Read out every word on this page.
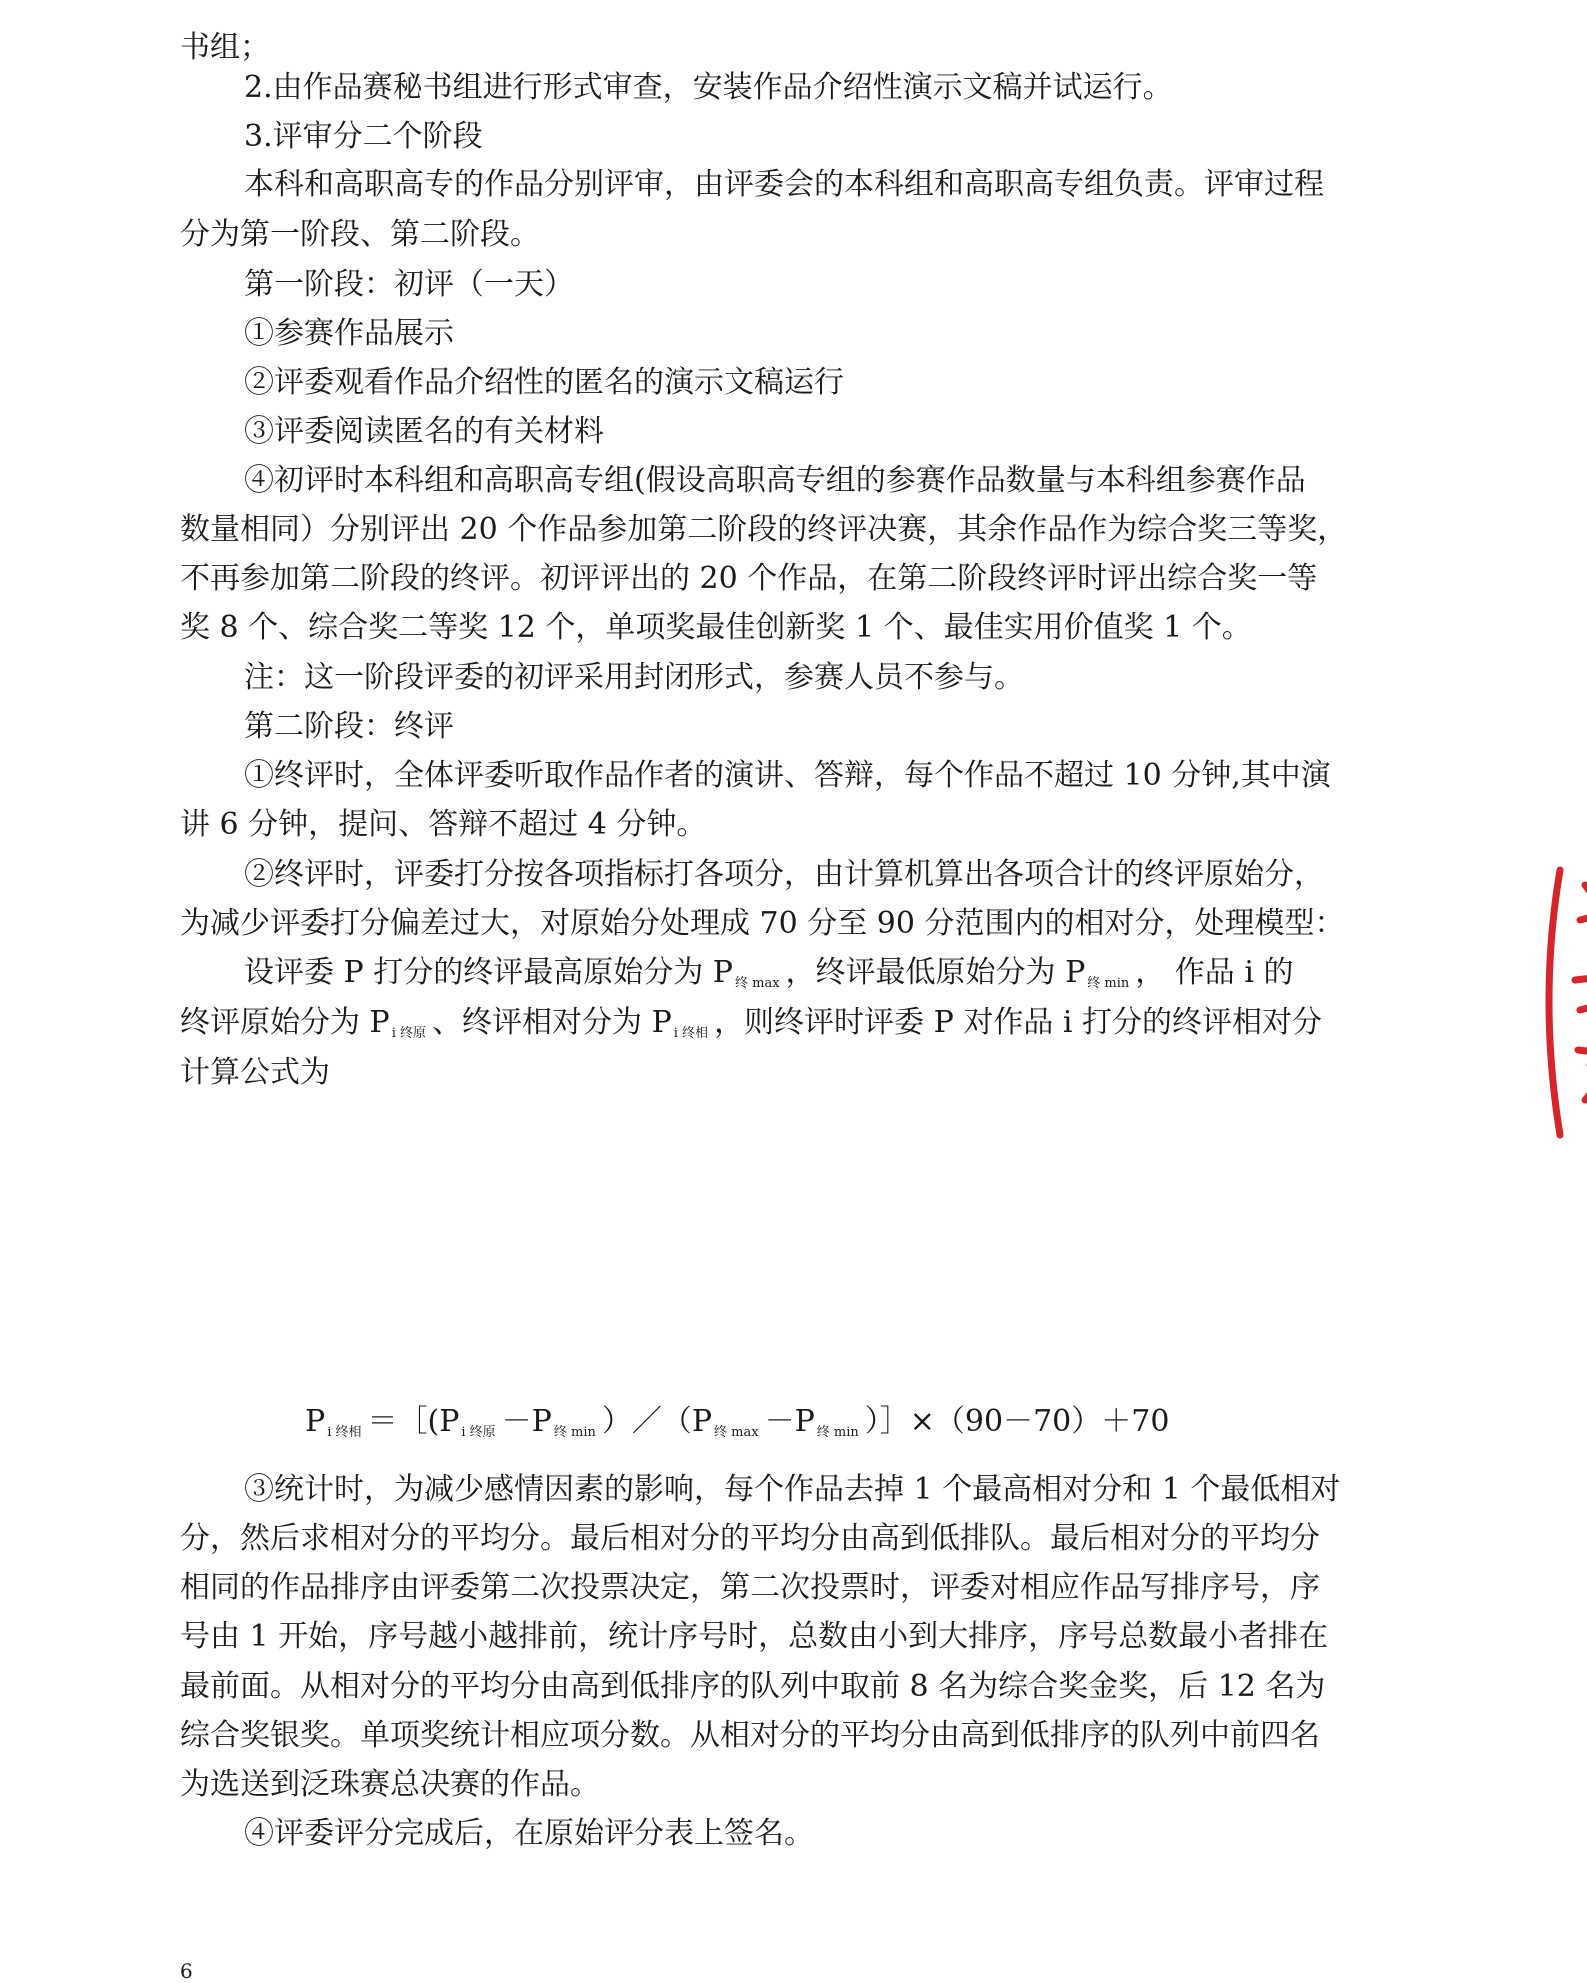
书组；

2.由作品赛秘书组进行形式审查，安装作品介绍性演示文稿并试运行。

3.评审分二个阶段

本科和高职高专的作品分别评审，由评委会的本科组和高职高专组负责。评审过程

分为第一阶段、第二阶段。

第一阶段：初评（一天）

①参赛作品展示

②评委观看作品介绍性的匿名的演示文稿运行

③评委阅读匿名的有关材料

④初评时本科组和高职高专组(假设高职高专组的参赛作品数量与本科组参赛作品

数量相同）分别评出 20 个作品参加第二阶段的终评决赛，其余作品作为综合奖三等奖，

不再参加第二阶段的终评。初评评出的 20 个作品，在第二阶段终评时评出综合奖一等

奖 8 个、综合奖二等奖 12 个，单项奖最佳创新奖 1 个、最佳实用价值奖 1 个。

注：这一阶段评委的初评采用封闭形式，参赛人员不参与。

第二阶段：终评

①终评时，全体评委听取作品作者的演讲、答辩，每个作品不超过 10 分钟,其中演

讲 6 分钟，提问、答辩不超过 4 分钟。

②终评时，评委打分按各项指标打各项分，由计算机算出各项合计的终评原始分，

为减少评委打分偏差过大，对原始分处理成 70 分至 90 分范围内的相对分，处理模型：

设评委 P 打分的终评最高原始分为 P $_{终 max}$ ，终评最低原始分为 P $_{终 min}$ ， 作品 i 的

终评原始分为 P $_{i 终原}$ 、终评相对分为 P $_{i 终相}$ ，则终评时评委 P 对作品 i 打分的终评相对分

计算公式为

P $_{i 终相}$ ＝［(P $_{i 终原}$ －P $_{终 min}$ ）／（P $_{终 max}$ －P $_{终 min}$ ）］×（90－70）＋70

③统计时，为减少感情因素的影响，每个作品去掉 1 个最高相对分和 1 个最低相对

分，然后求相对分的平均分。最后相对分的平均分由高到低排队。最后相对分的平均分

相同的作品排序由评委第二次投票决定，第二次投票时，评委对相应作品写排序号，序

号由 1 开始，序号越小越排前，统计序号时，总数由小到大排序，序号总数最小者排在

最前面。从相对分的平均分由高到低排序的队列中取前 8 名为综合奖金奖，后 12 名为

综合奖银奖。单项奖统计相应项分数。从相对分的平均分由高到低排序的队列中前四名

为选送到泛珠赛总决赛的作品。

④评委评分完成后，在原始评分表上签名。

6
